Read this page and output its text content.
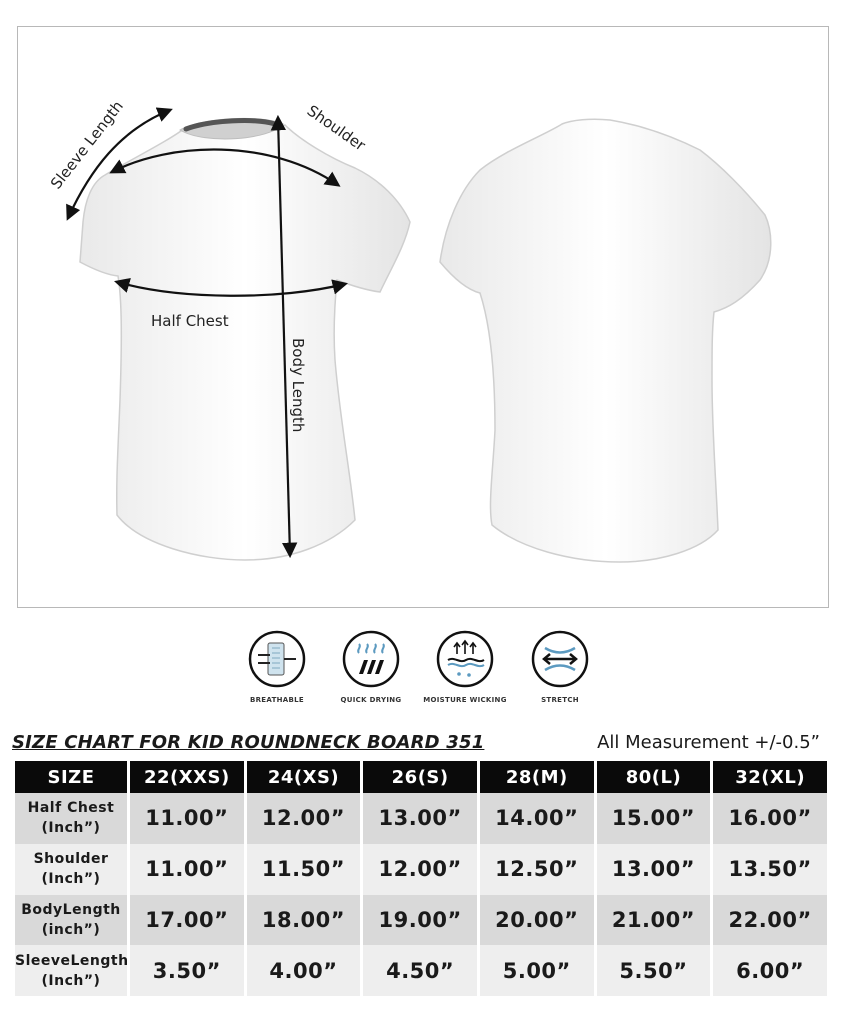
Sleeve Length	Shoulder
Half Chest
Body Length
BREATHABLE	QUICK DRYING	MOISTURE WICKING	STRETCH
SIZE CHART FOR KID ROUNDNECK BOARD 351	All Measurement +/-0.5”
SIZE	22(XXS)	24(XS)	26(S)	28(M)	80(L)	32(XL)

Half Chest
(Inch”)	11.00”	12.00”	13.00”	14.00”	15.00”	16.00”

Shoulder
(Inch”)	11.00”	11.50”	12.00”	12.50”	13.00”	13.50”

BodyLength
(inch”)	17.00”	18.00”	19.00”	20.00”	21.00”	22.00”

SleeveLength
(Inch”)	3.50”	4.00”	4.50”	5.00”	5.50”	6.00”
